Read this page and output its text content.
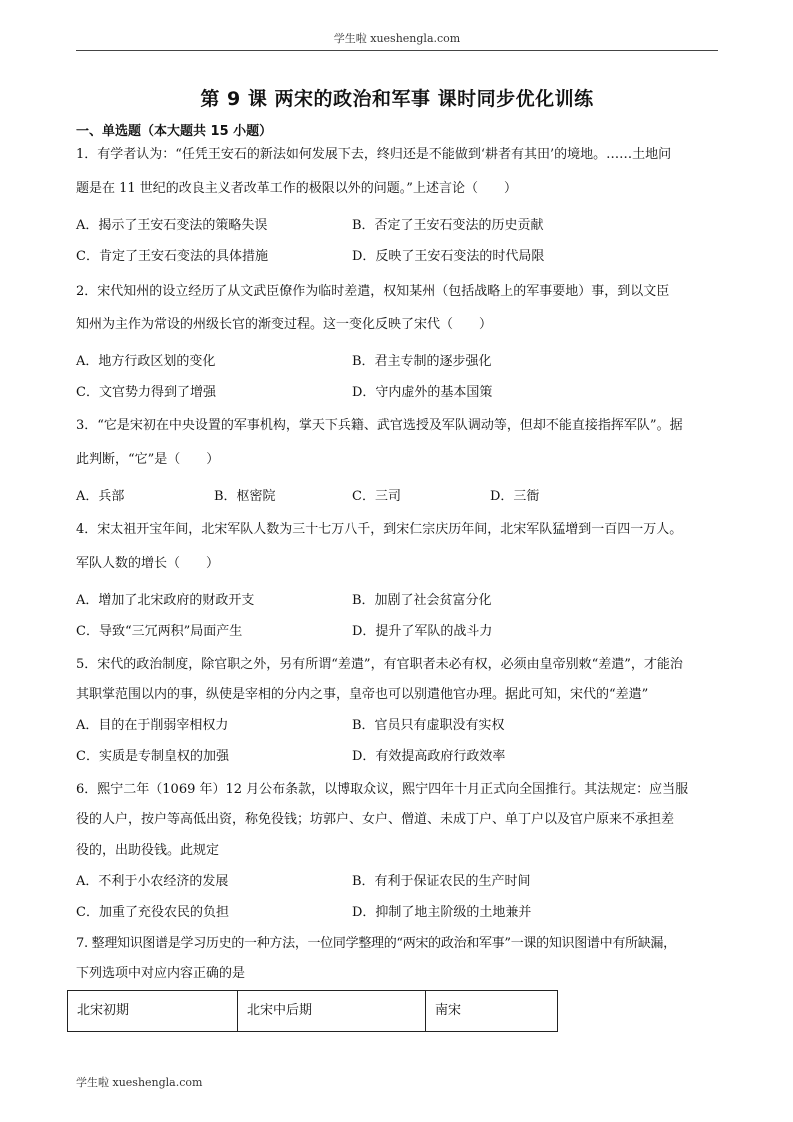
学生啦 xueshengla.com
第 9 课 两宋的政治和军事 课时同步优化训练
一、单选题（本大题共 15 小题）
1．有学者认为：“任凭王安石的新法如何发展下去，终归还是不能做到‘耕者有其田’的境地。……土地问
题是在 11 世纪的改良主义者改革工作的极限以外的问题。”上述言论（　　）
A．揭示了王安石变法的策略失误	B．否定了王安石变法的历史贡献
C．肯定了王安石变法的具体措施	D．反映了王安石变法的时代局限
2．宋代知州的设立经历了从文武臣僚作为临时差遣，权知某州（包括战略上的军事要地）事，到以文臣
知州为主作为常设的州级长官的渐变过程。这一变化反映了宋代（　　）
A．地方行政区划的变化	B．君主专制的逐步强化
C．文官势力得到了增强	D．守内虚外的基本国策
3．“它是宋初在中央设置的军事机构，掌天下兵籍、武官选授及军队调动等，但却不能直接指挥军队”。据
此判断，“它”是（　　）
A．兵部	B．枢密院	C．三司	D．三衙
4．宋太祖开宝年间，北宋军队人数为三十七万八千，到宋仁宗庆历年间，北宋军队猛增到一百四一万人。
军队人数的增长（　　）
A．增加了北宋政府的财政开支	B．加剧了社会贫富分化
C．导致“三冗两积”局面产生	D．提升了军队的战斗力
5．宋代的政治制度，除官职之外，另有所谓“差遣”，有官职者未必有权，必须由皇帝别敕“差遣”，才能治
其职掌范围以内的事，纵使是宰相的分内之事，皇帝也可以别遣他官办理。据此可知，宋代的“差遣”
A．目的在于削弱宰相权力	B．官员只有虚职没有实权
C．实质是专制皇权的加强	D．有效提高政府行政效率
6．熙宁二年（1069 年）12 月公布条款，以博取众议，熙宁四年十月正式向全国推行。其法规定：应当服
役的人户，按户等高低出资，称免役钱；坊郭户、女户、僧道、未成丁户、单丁户以及官户原来不承担差
役的，出助役钱。此规定
A．不利于小农经济的发展	B．有利于保证农民的生产时间
C．加重了充役农民的负担	D．抑制了地主阶级的土地兼并
7. 整理知识图谱是学习历史的一种方法，一位同学整理的“两宋的政治和军事”一课的知识图谱中有所缺漏，
下列选项中对应内容正确的是
北宋初期	北宋中后期	南宋
学生啦 xueshengla.com
